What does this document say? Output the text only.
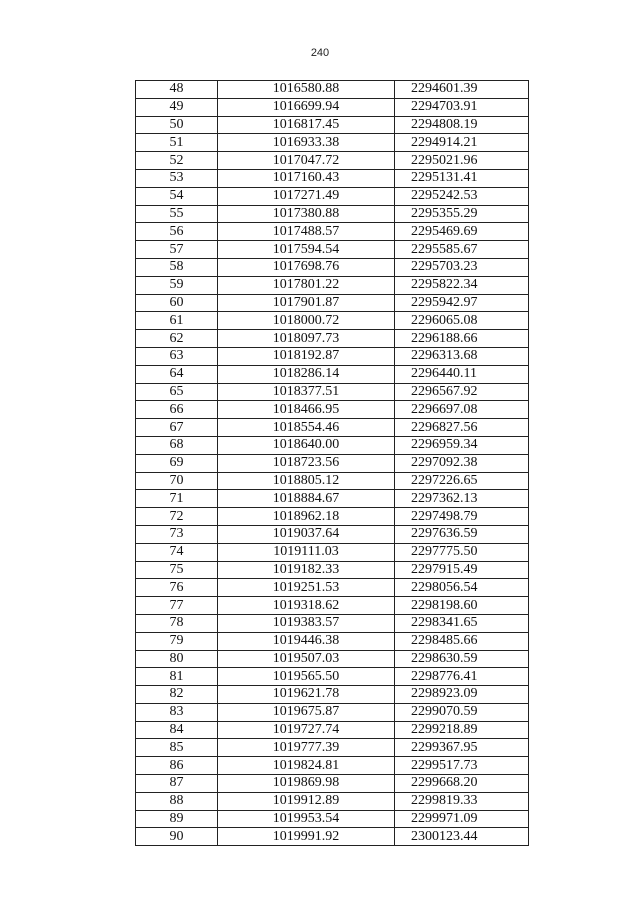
240
48	1016580.88	2294601.39
49	1016699.94	2294703.91
50	1016817.45	2294808.19
51	1016933.38	2294914.21
52	1017047.72	2295021.96
53	1017160.43	2295131.41
54	1017271.49	2295242.53
55	1017380.88	2295355.29
56	1017488.57	2295469.69
57	1017594.54	2295585.67
58	1017698.76	2295703.23
59	1017801.22	2295822.34
60	1017901.87	2295942.97
61	1018000.72	2296065.08
62	1018097.73	2296188.66
63	1018192.87	2296313.68
64	1018286.14	2296440.11
65	1018377.51	2296567.92
66	1018466.95	2296697.08
67	1018554.46	2296827.56
68	1018640.00	2296959.34
69	1018723.56	2297092.38
70	1018805.12	2297226.65
71	1018884.67	2297362.13
72	1018962.18	2297498.79
73	1019037.64	2297636.59
74	1019111.03	2297775.50
75	1019182.33	2297915.49
76	1019251.53	2298056.54
77	1019318.62	2298198.60
78	1019383.57	2298341.65
79	1019446.38	2298485.66
80	1019507.03	2298630.59
81	1019565.50	2298776.41
82	1019621.78	2298923.09
83	1019675.87	2299070.59
84	1019727.74	2299218.89
85	1019777.39	2299367.95
86	1019824.81	2299517.73
87	1019869.98	2299668.20
88	1019912.89	2299819.33
89	1019953.54	2299971.09
90	1019991.92	2300123.44
